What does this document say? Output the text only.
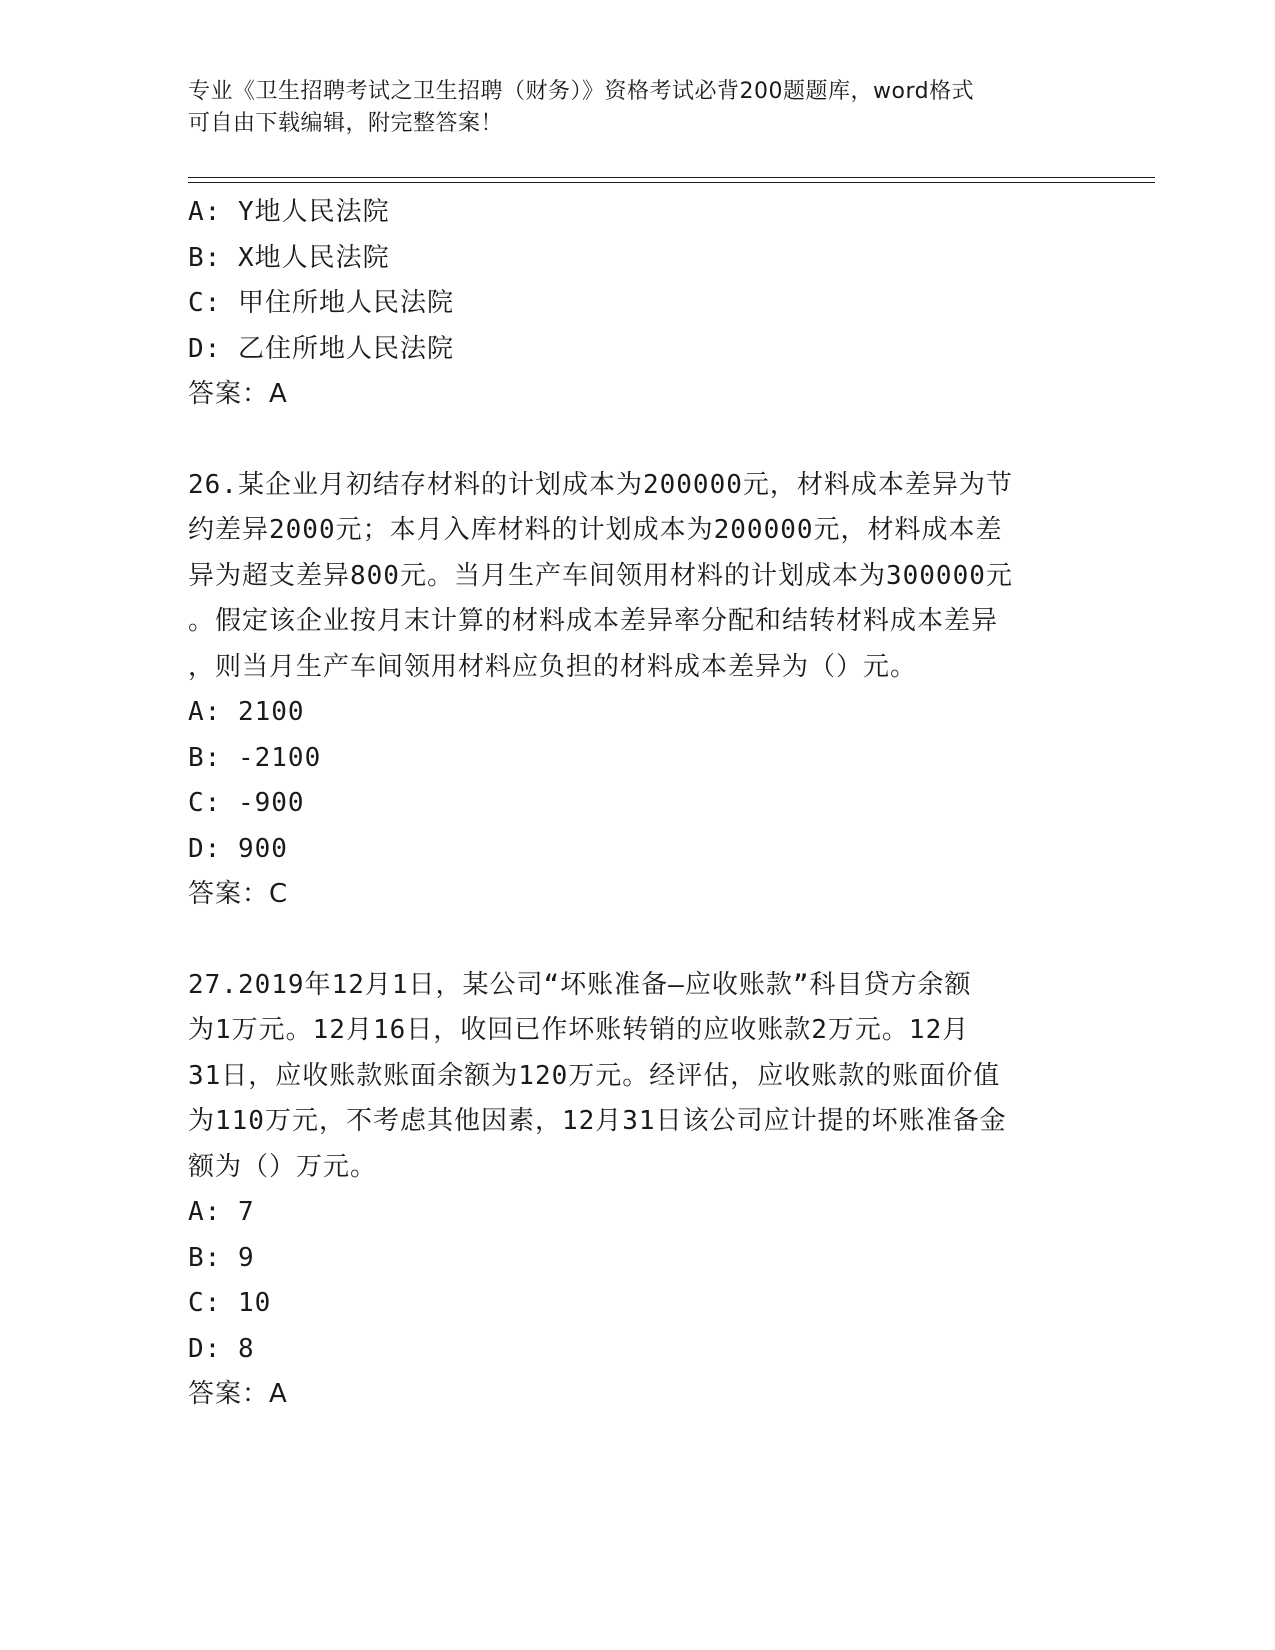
专业《卫生招聘考试之卫生招聘（财务）》资格考试必背200题题库，word格式
可自由下载编辑，附完整答案！
A: Y地人民法院
B: X地人民法院
C: 甲住所地人民法院
D: 乙住所地人民法院
答案：A
26.某企业月初结存材料的计划成本为200000元，材料成本差异为节
约差异2000元；本月入库材料的计划成本为200000元，材料成本差
异为超支差异800元。当月生产车间领用材料的计划成本为300000元
。假定该企业按月末计算的材料成本差异率分配和结转材料成本差异
，则当月生产车间领用材料应负担的材料成本差异为（）元。
A: 2100
B: -2100
C: -900
D: 900
答案：C
27.2019年12月1日，某公司“坏账准备—应收账款”科目贷方余额
为1万元。12月16日，收回已作坏账转销的应收账款2万元。12月
31日，应收账款账面余额为120万元。经评估，应收账款的账面价值
为110万元，不考虑其他因素，12月31日该公司应计提的坏账准备金
额为（）万元。
A: 7
B: 9
C: 10
D: 8
答案：A
